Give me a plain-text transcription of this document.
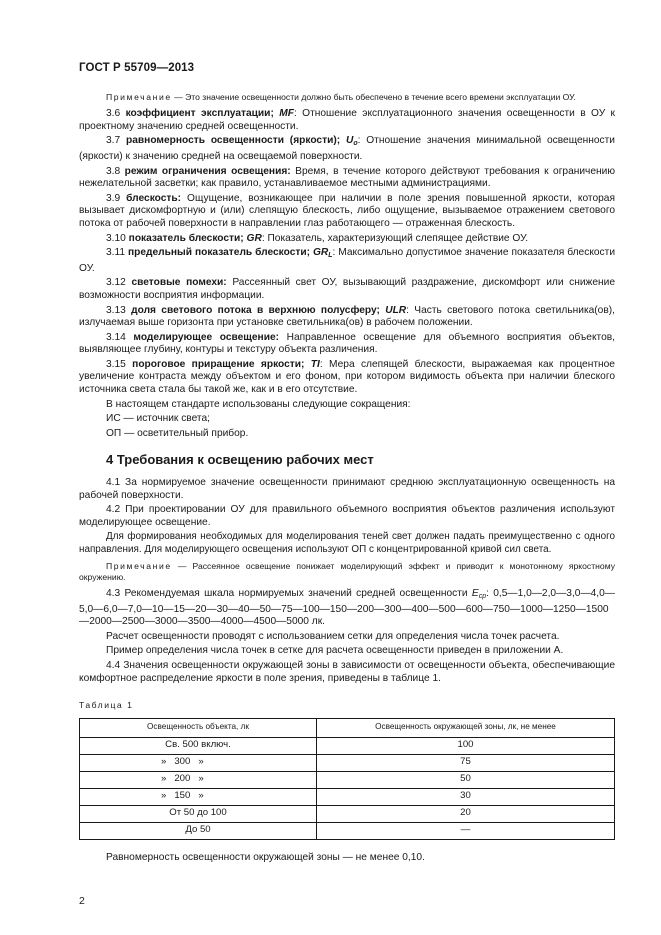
ГОСТ Р 55709—2013
Примечание — Это значение освещенности должно быть обеспечено в течение всего времени эксплуатации ОУ.
3.6 коэффициент эксплуатации; MF: Отношение эксплуатационного значения освещенности в ОУ к проектному значению средней освещенности.
3.7 равномерность освещенности (яркости); $U_o$: Отношение значения минимальной освещенности (яркости) к значению средней на освещаемой поверхности.
3.8 режим ограничения освещения: Время, в течение которого действуют требования к ограничению нежелательной засветки; как правило, устанавливаемое местными администрациями.
3.9 блескость: Ощущение, возникающее при наличии в поле зрения повышенной яркости, которая вызывает дискомфортную и (или) слепящую блескость, либо ощущение, вызываемое отражением светового потока от рабочей поверхности в направлении глаз работающего — отраженная блескость.
3.10 показатель блескости; GR: Показатель, характеризующий слепящее действие ОУ.
3.11 предельный показатель блескости; $GR_L$: Максимально допустимое значение показателя блескости ОУ.
3.12 световые помехи: Рассеянный свет ОУ, вызывающий раздражение, дискомфорт или снижение возможности восприятия информации.
3.13 доля светового потока в верхнюю полусферу; ULR: Часть светового потока светильника(ов), излучаемая выше горизонта при установке светильника(ов) в рабочем положении.
3.14 моделирующее освещение: Направленное освещение для объемного восприятия объектов, выявляющее глубину, контуры и текстуру объекта различения.
3.15 пороговое приращение яркости; TI: Мера слепящей блескости, выражаемая как процентное увеличение контраста между объектом и его фоном, при котором видимость объекта при наличии блеского источника света стала бы такой же, как и в его отсутствие.
В настоящем стандарте использованы следующие сокращения:
ИС — источник света;
ОП — осветительный прибор.
4 Требования к освещению рабочих мест
4.1 За нормируемое значение освещенности принимают среднюю эксплуатационную освещенность на рабочей поверхности.
4.2 При проектировании ОУ для правильного объемного восприятия объектов различения используют моделирующее освещение.
Для формирования необходимых для моделирования теней свет должен падать преимущественно с одного направления. Для моделирующего освещения используют ОП с концентрированной кривой сил света.
Примечание — Рассеянное освещение понижает моделирующий эффект и приводит к монотонному яркостному окружению.
4.3 Рекомендуемая шкала нормируемых значений средней освещенности $E_{ср}$: 0,5—1,0—2,0—3,0—4,0—5,0—6,0—7,0—10—15—20—30—40—50—75—100—150—200—300—400—500—600—750—1000—1250—1500—2000—2500—3000—3500—4000—4500—5000 лк.
Расчет освещенности проводят с использованием сетки для определения числа точек расчета.
Пример определения числа точек в сетке для расчета освещенности приведен в приложении А.
4.4 Значения освещенности окружающей зоны в зависимости от освещенности объекта, обеспечивающие комфортное распределение яркости в поле зрения, приведены в таблице 1.
Таблица 1
Освещенность объекта, лк	Освещенность окружающей зоны, лк, не менее
Св. 500 включ.	100
»   300   »	75
»   200   »	50
»   150   »	30
От 50 до 100	20
До 50	—
Равномерность освещенности окружающей зоны — не менее 0,10.
2
